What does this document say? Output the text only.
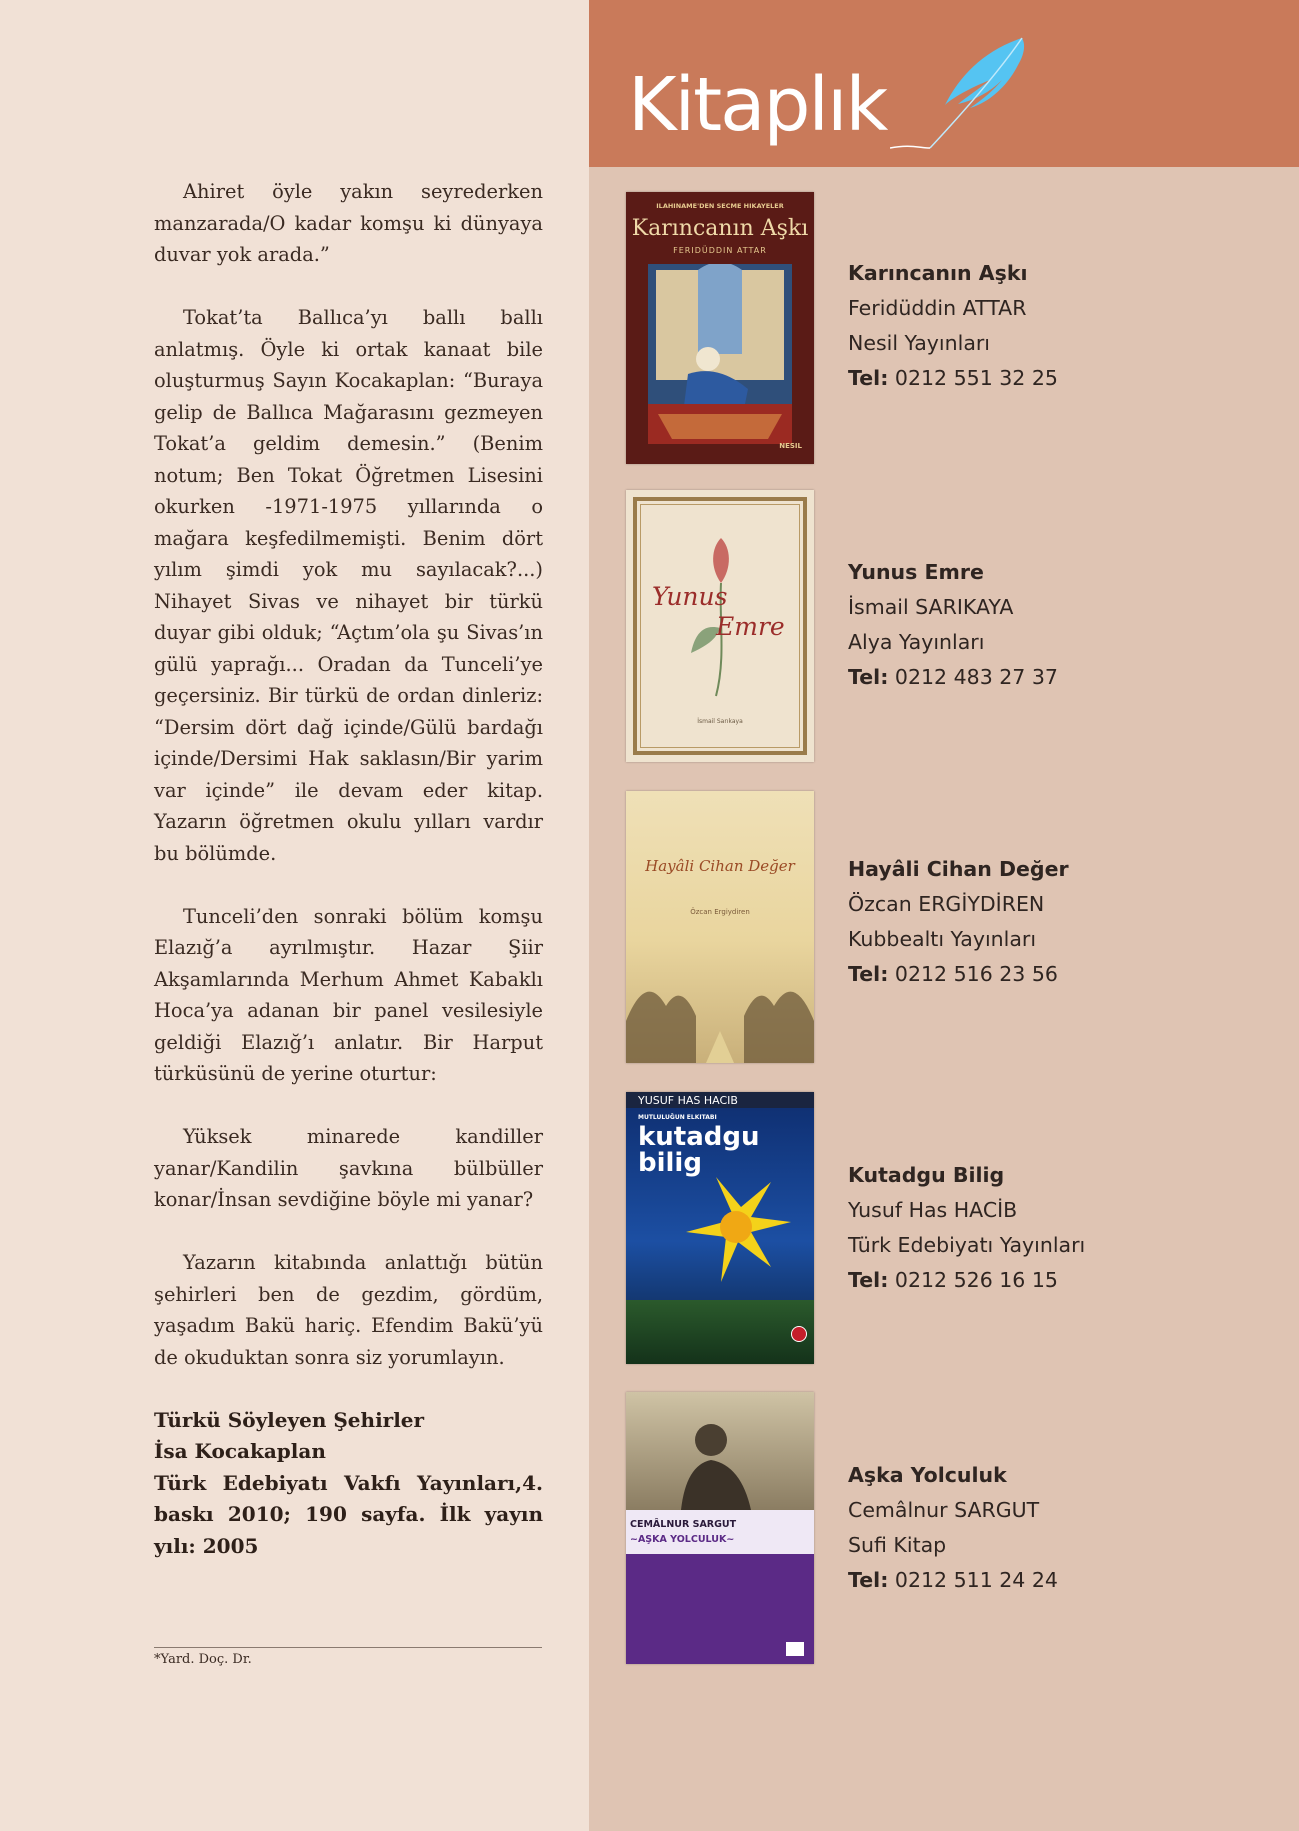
Kitaplık

Ahiret öyle yakın seyrederken manzarada/O kadar komşu ki dünyaya duvar yok arada.”

Tokat’ta Ballıca’yı ballı ballı anlatmış. Öyle ki ortak kanaat bile oluşturmuş Sayın Kocakaplan: “Buraya gelip de Ballıca Mağarasını gezmeyen Tokat’a geldim demesin.” (Benim notum; Ben Tokat Öğretmen Lisesini okurken -1971-1975 yıllarında o mağara keşfedilmemişti. Benim dört yılım şimdi yok mu sayılacak?...) Nihayet Sivas ve nihayet bir türkü duyar gibi olduk; “Açtım’ola şu Sivas’ın gülü yaprağı... Oradan da Tunceli’ye geçersiniz. Bir türkü de ordan dinleriz: “Dersim dört dağ içinde/Gülü bardağı içinde/Dersimi Hak saklasın/Bir yarim var içinde” ile devam eder kitap. Yazarın öğretmen okulu yılları vardır bu bölümde.

Tunceli’den sonraki bölüm komşu Elazığ’a ayrılmıştır. Hazar Şiir Akşamlarında Merhum Ahmet Kabaklı Hoca’ya adanan bir panel vesilesiyle geldiği Elazığ’ı anlatır. Bir Harput türküsünü de yerine oturtur:

Yüksek minarede kandiller yanar/Kandilin şavkına bülbüller konar/İnsan sevdiğine böyle mi yanar?

Yazarın kitabında anlattığı bütün şehirleri ben de gezdim, gördüm, yaşadım Bakü hariç. Efendim Bakü’yü de okuduktan sonra siz yorumlayın.

Türkü Söyleyen Şehirler
İsa Kocakaplan
Türk Edebiyatı Vakfı Yayınları,4. baskı 2010; 190 sayfa. İlk yayın yılı: 2005
*Yard. Doç. Dr.
ILAHINAME'DEN SECME HIKAYELER
Karıncanın Aşkı
FERIDÜDDIN ATTAR
NESIL
Karıncanın Aşkı
Feridüddin ATTAR
Nesil Yayınları
Tel: 0212 551 32 25
Yunus
Emre
İsmail Sarıkaya
Yunus Emre
İsmail SARIKAYA
Alya Yayınları
Tel: 0212 483 27 37
Hayâli Cihan Değer
Özcan Ergiydiren
Hayâli Cihan Değer
Özcan ERGİYDİREN
Kubbealtı Yayınları
Tel: 0212 516 23 56
YUSUF HAS HACIB
MUTLULUĞUN ELKITABI
kutadgu
bilig	Kutadgu Bilig
Yusuf Has HACİB
Türk Edebiyatı Yayınları
Tel: 0212 526 16 15
CEMÂLNUR SARGUT
~AŞKA YOLCULUK~
Aşka Yolculuk
Cemâlnur SARGUT
Sufi Kitap
Tel: 0212 511 24 24
